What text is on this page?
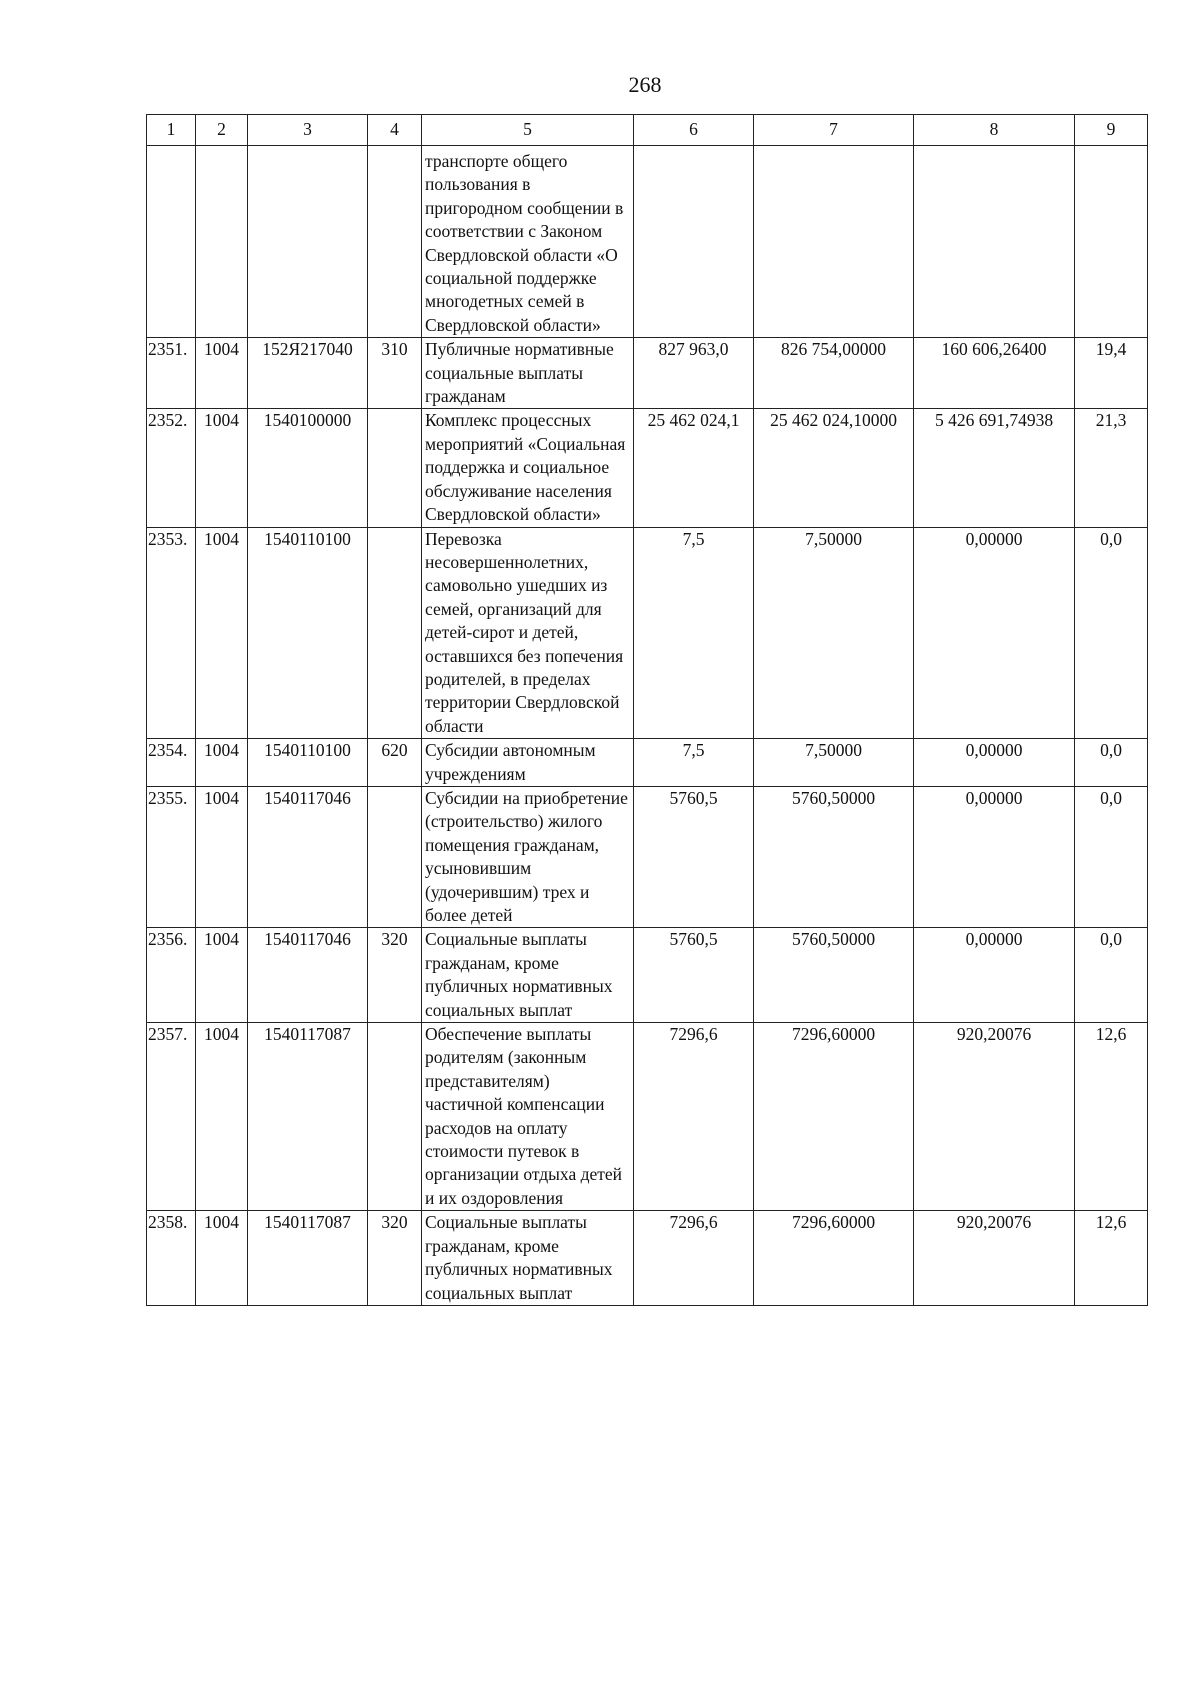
268
1	2	3	4	5	6	7	8	9
				транспорте общего пользования в пригородном сообщении в соответствии с Законом Свердловской области «О социальной поддержке многодетных семей в Свердловской области»				
2351.	1004	152Я217040	310	Публичные нормативные социальные выплаты гражданам	827 963,0	826 754,00000	160 606,26400	19,4
2352.	1004	1540100000		Комплекс процессных мероприятий «Социальная поддержка и социальное обслуживание населения Свердловской области»	25 462 024,1	25 462 024,10000	5 426 691,74938	21,3
2353.	1004	1540110100		Перевозка несовершеннолетних, самовольно ушедших из семей, организаций для детей-сирот и детей, оставшихся без попечения родителей, в пределах территории Свердловской области	7,5	7,50000	0,00000	0,0
2354.	1004	1540110100	620	Субсидии автономным учреждениям	7,5	7,50000	0,00000	0,0
2355.	1004	1540117046		Субсидии на приобретение (строительство) жилого помещения гражданам, усыновившим (удочерившим) трех и более детей	5760,5	5760,50000	0,00000	0,0
2356.	1004	1540117046	320	Социальные выплаты гражданам, кроме публичных нормативных социальных выплат	5760,5	5760,50000	0,00000	0,0
2357.	1004	1540117087		Обеспечение выплаты родителям (законным представителям) частичной компенсации расходов на оплату стоимости путевок в организации отдыха детей и их оздоровления	7296,6	7296,60000	920,20076	12,6
2358.	1004	1540117087	320	Социальные выплаты гражданам, кроме публичных нормативных социальных выплат	7296,6	7296,60000	920,20076	12,6
